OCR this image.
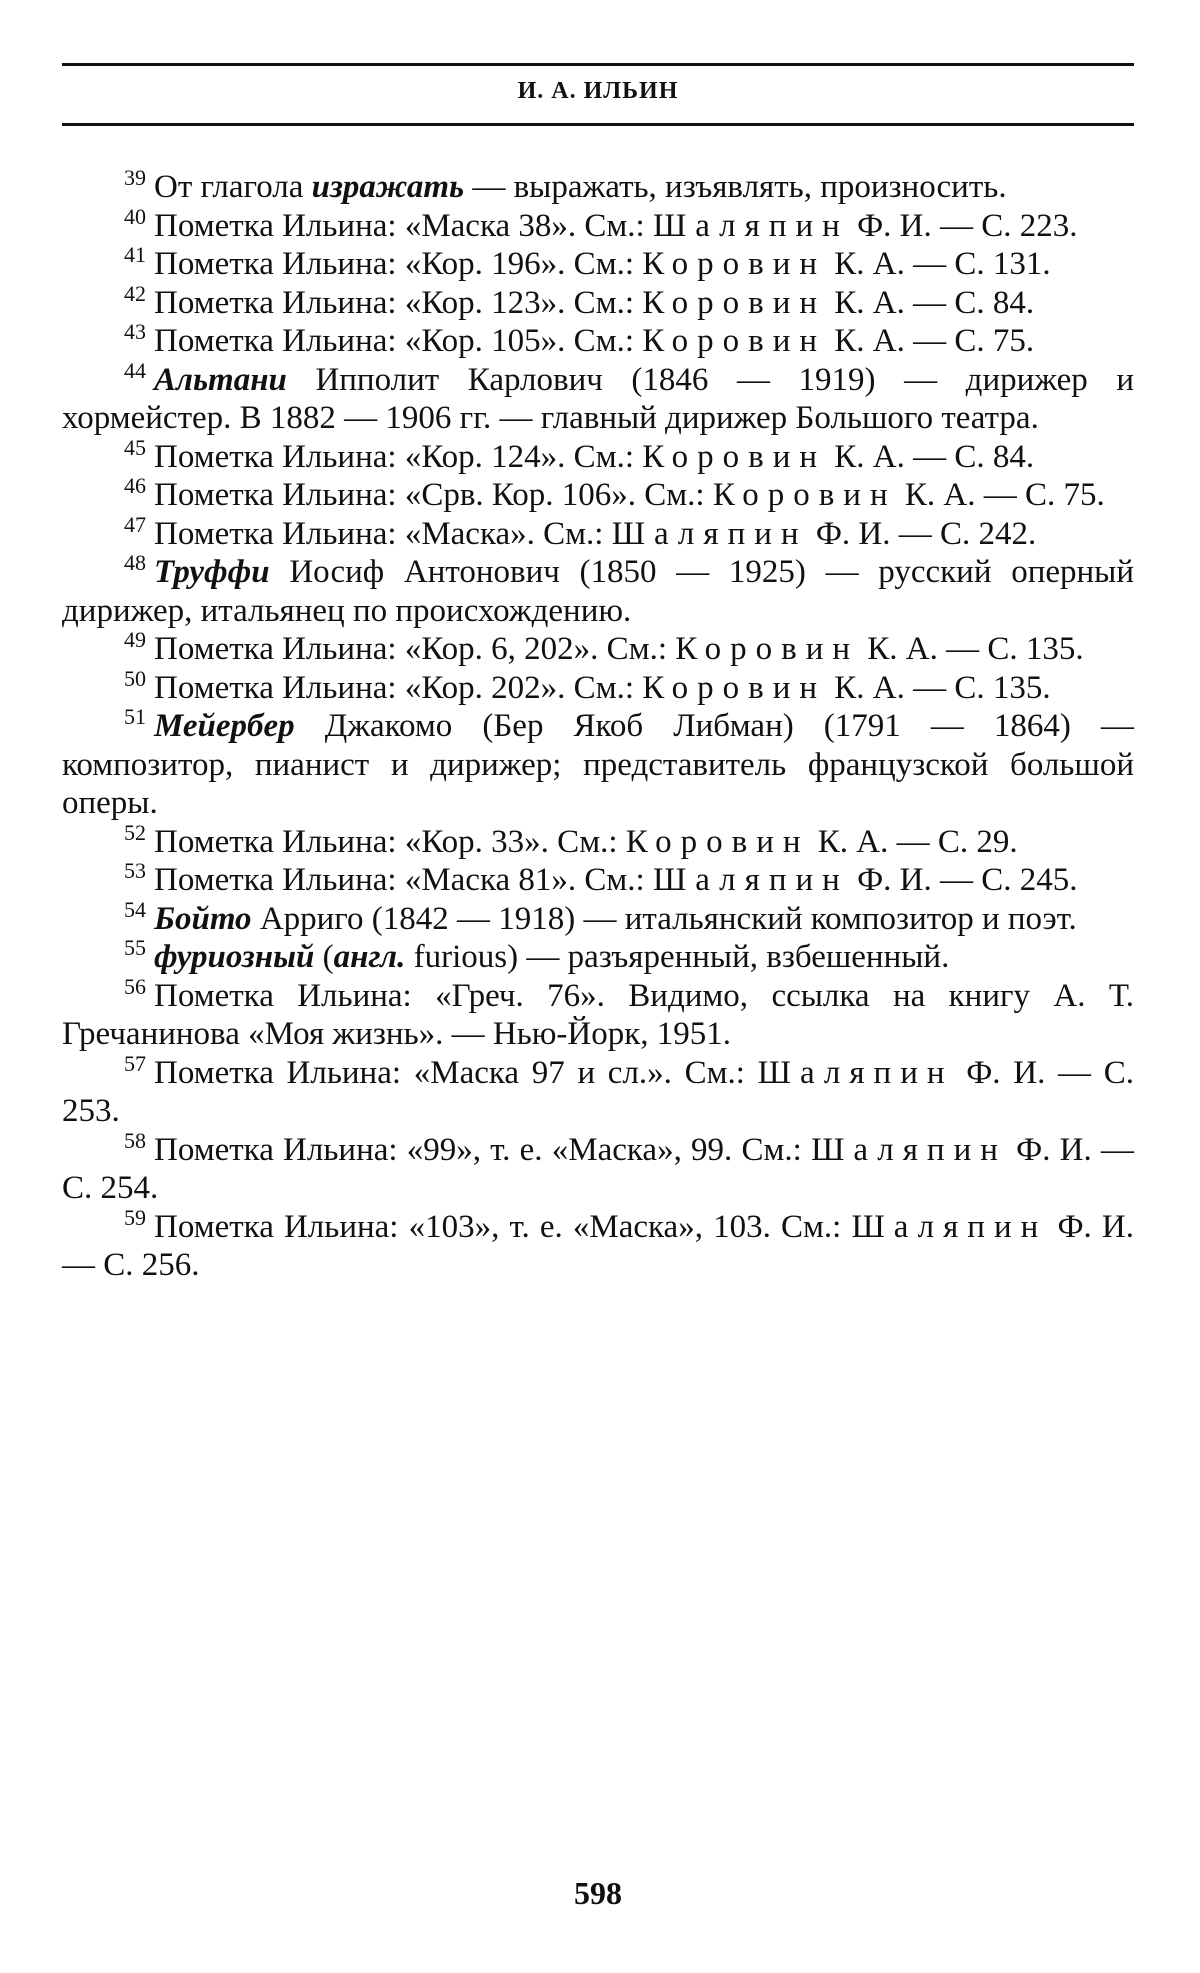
И. А. ИЛЬИН

$^{39}$ От глагола изражать — выражать, изъявлять, произносить.

$^{40}$ Пометка Ильина: «Маска 38». См.: Шаляпин Ф. И. — С. 223.

$^{41}$ Пометка Ильина: «Кор. 196». См.: Коровин К. А. — С. 131.

$^{42}$ Пометка Ильина: «Кор. 123». См.: Коровин К. А. — С. 84.

$^{43}$ Пометка Ильина: «Кор. 105». См.: Коровин К. А. — С. 75.

$^{44}$ Альтани Ипполит Карлович (1846 — 1919) — дирижер и хормейстер. В 1882 — 1906 гг. — главный дирижер Большого театра.

$^{45}$ Пометка Ильина: «Кор. 124». См.: Коровин К. А. — С. 84.

$^{46}$ Пометка Ильина: «Срв. Кор. 106». См.: Коровин К. А. — С. 75.

$^{47}$ Пометка Ильина: «Маска». См.: Шаляпин Ф. И. — С. 242.

$^{48}$ Труффи Иосиф Антонович (1850 — 1925) — русский оперный дирижер, итальянец по происхождению.

$^{49}$ Пометка Ильина: «Кор. 6, 202». См.: Коровин К. А. — С. 135.

$^{50}$ Пометка Ильина: «Кор. 202». См.: Коровин К. А. — С. 135.

$^{51}$ Мейербер Джакомо (Бер Якоб Либман) (1791 — 1864) — композитор, пианист и дирижер; представитель французской большой оперы.

$^{52}$ Пометка Ильина: «Кор. 33». См.: Коровин К. А. — С. 29.

$^{53}$ Пометка Ильина: «Маска 81». См.: Шаляпин Ф. И. — С. 245.

$^{54}$ Бойто Арриго (1842 — 1918) — итальянский композитор и поэт.

$^{55}$ фуриозный (англ. furious) — разъяренный, взбешенный.

$^{56}$ Пометка Ильина: «Греч. 76». Видимо, ссылка на книгу А. Т. Гречанинова «Моя жизнь». — Нью-Йорк, 1951.

$^{57}$ Пометка Ильина: «Маска 97 и сл.». См.: Шаляпин Ф. И. — С. 253.

$^{58}$ Пометка Ильина: «99», т. е. «Маска», 99. См.: Шаляпин Ф. И. — С. 254.

$^{59}$ Пометка Ильина: «103», т. е. «Маска», 103. См.: Шаляпин Ф. И. — С. 256.

598
